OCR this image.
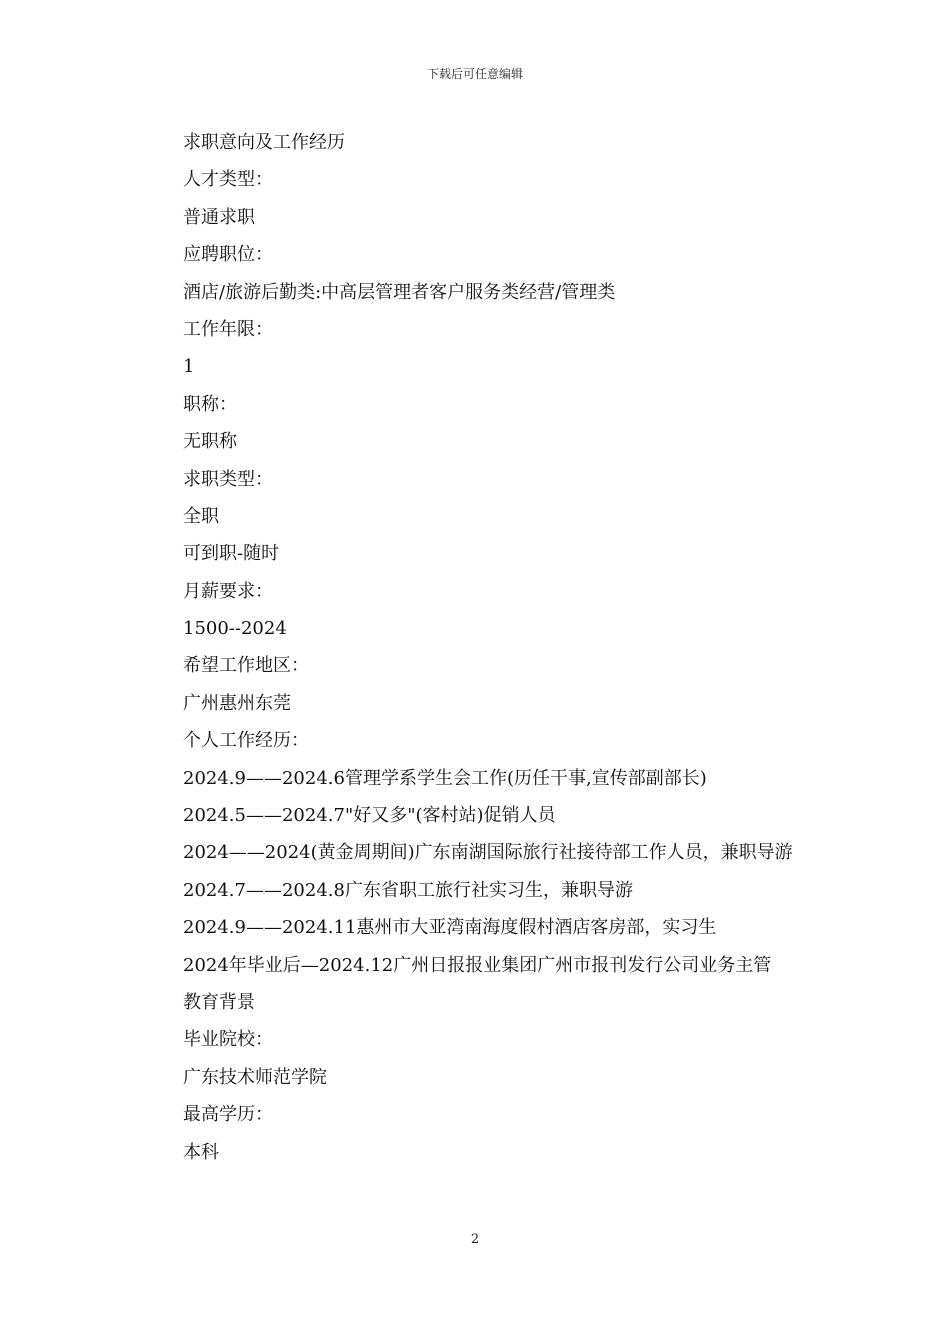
下载后可任意编辑
求职意向及工作经历
人才类型：
普通求职
应聘职位：
酒店/旅游后勤类:中高层管理者客户服务类经营/管理类
工作年限：
1
职称：
无职称
求职类型：
全职
可到职-随时
月薪要求：
1500--2024
希望工作地区：
广州惠州东莞
个人工作经历：
2024.9——2024.6管理学系学生会工作(历任干事,宣传部副部长)
2024.5——2024.7"好又多"(客村站)促销人员
2024——2024(黄金周期间)广东南湖国际旅行社接待部工作人员，兼职导游
2024.7——2024.8广东省职工旅行社实习生，兼职导游
2024.9——2024.11惠州市大亚湾南海度假村酒店客房部，实习生
2024年毕业后—2024.12广州日报报业集团广州市报刊发行公司业务主管
教育背景
毕业院校：
广东技术师范学院
最高学历：
本科
2
